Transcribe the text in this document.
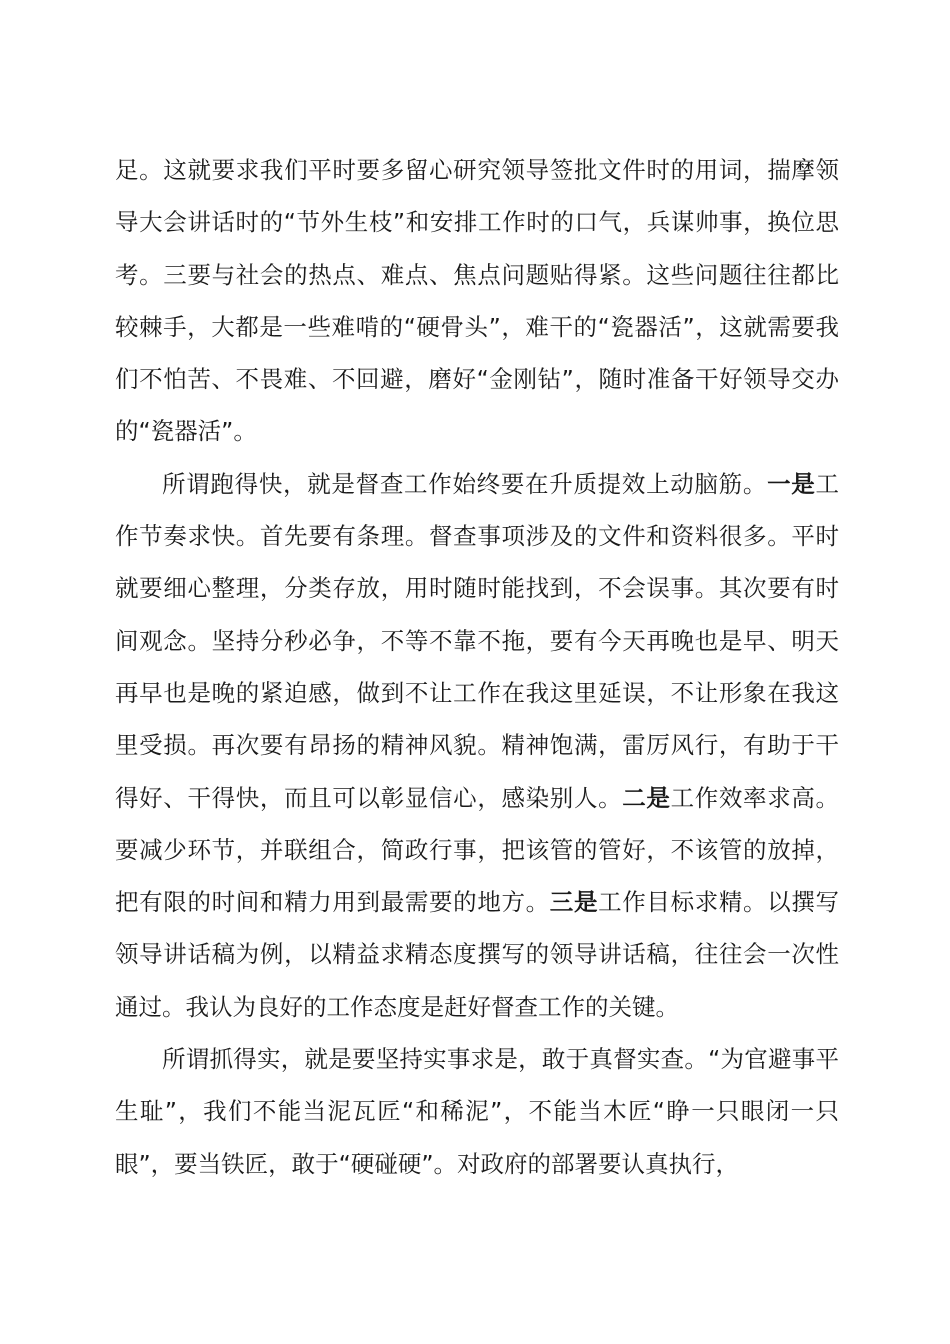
足。这就要求我们平时要多留心研究领导签批文件时的用词，揣摩领导大会讲话时的“节外生枝”和安排工作时的口气，兵谋帅事，换位思考。三要与社会的热点、难点、焦点问题贴得紧。这些问题往往都比较棘手，大都是一些难啃的“硬骨头”，难干的“瓷器活”，这就需要我们不怕苦、不畏难、不回避，磨好“金刚钻”，随时准备干好领导交办的“瓷器活”。

所谓跑得快，就是督查工作始终要在升质提效上动脑筋。一是工作节奏求快。首先要有条理。督查事项涉及的文件和资料很多。平时就要细心整理，分类存放，用时随时能找到，不会误事。其次要有时间观念。坚持分秒必争，不等不靠不拖，要有今天再晚也是早、明天再早也是晚的紧迫感，做到不让工作在我这里延误，不让形象在我这里受损。再次要有昂扬的精神风貌。精神饱满，雷厉风行，有助于干得好、干得快，而且可以彰显信心，感染别人。二是工作效率求高。要减少环节，并联组合，简政行事，把该管的管好，不该管的放掉，把有限的时间和精力用到最需要的地方。三是工作目标求精。以撰写领导讲话稿为例，以精益求精态度撰写的领导讲话稿，往往会一次性通过。我认为良好的工作态度是赶好督查工作的关键。

所谓抓得实，就是要坚持实事求是，敢于真督实查。“为官避事平生耻”，我们不能当泥瓦匠“和稀泥”，不能当木匠“睁一只眼闭一只眼”，要当铁匠，敢于“硬碰硬”。对政府的部署要认真执行，
